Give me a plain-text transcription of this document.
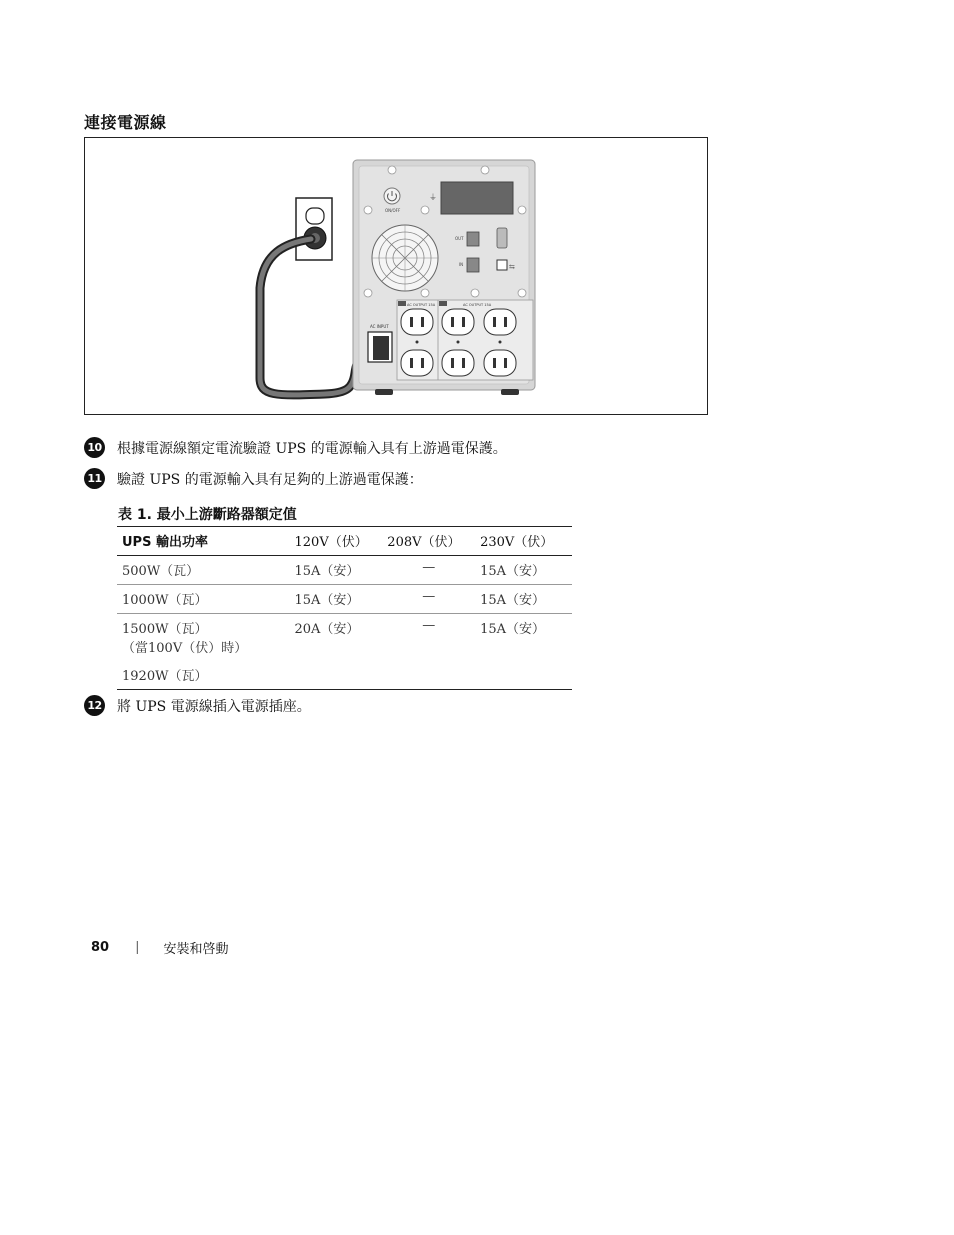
連接電源線
ON/OFF
⏚
OUT
IN	⇆
AC OUTPUT 15A	AC OUTPUT 15A
AC INPUT
10 根據電源線額定電流驗證 UPS 的電源輸入具有上游過電保護。
11 驗證 UPS 的電源輸入具有足夠的上游過電保護：
表 1. 最小上游斷路器額定值
UPS 輸出功率	120V（伏）	208V（伏）	230V（伏）
500W（瓦）	15A（安）	—	15A（安）
1000W（瓦）	15A（安）	—	15A（安）

1500W（瓦）
（當100V（伏）時）	20A（安）	—	15A（安）
1920W（瓦）			
12 將 UPS 電源線插入電源插座。
80 | 安裝和啓動
